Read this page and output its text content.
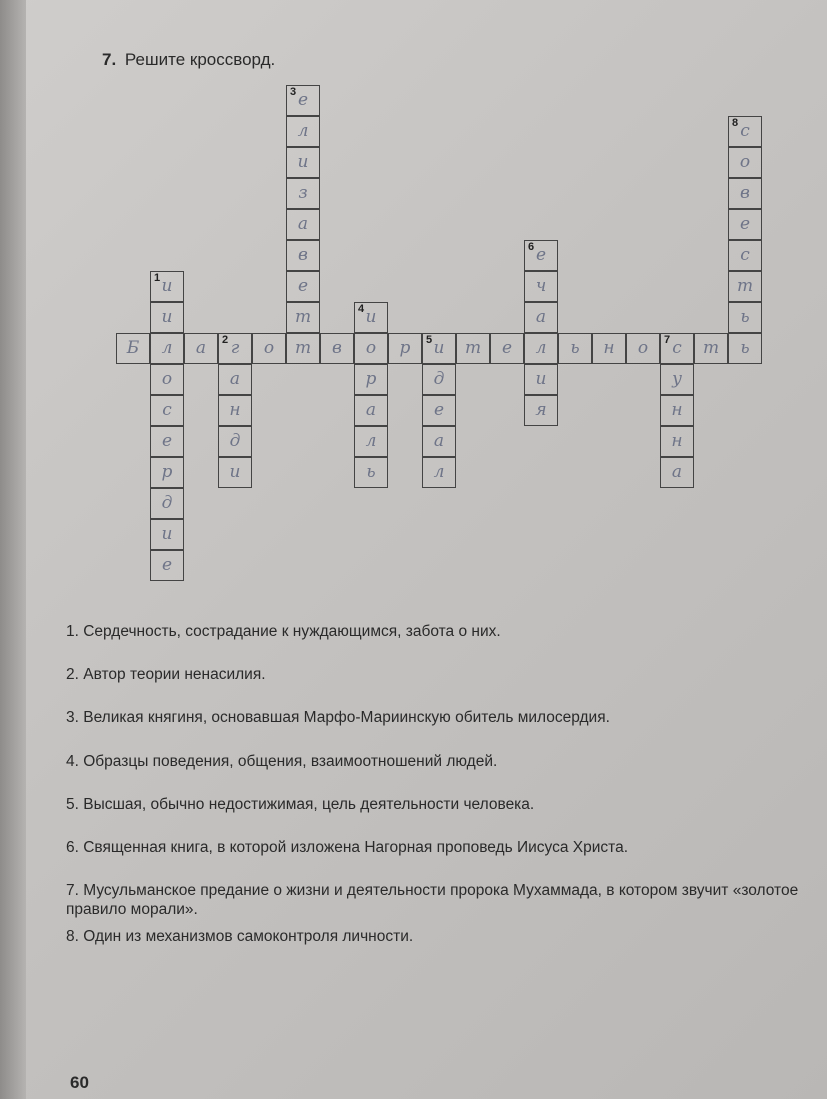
7. Решите кроссворд.
Б	л	а	г
2	о	т	в	о	р	и
5	т	е	л	ь	н	о	с
7	т	ь
1 и
и
о
с
е
р
д
и
е
а
н
д
и
3 е
л
и
з
а
в
е
т	4 и
р
а
л
ь
д
е
а
л
6 е
ч
а
и
я
у
н
н
а
8 с
о
в
е
с
т
ь
1. Сердечность, сострадание к нуждающимся, забота о них.
2. Автор теории ненасилия.
3. Великая княгиня, основавшая Марфо-Мариинскую обитель милосердия.
4. Образцы поведения, общения, взаимоотношений людей.
5. Высшая, обычно недостижимая, цель деятельности человека.
6. Священная книга, в которой изложена Нагорная проповедь Иисуса Христа.
7. Мусульманское предание о жизни и деятельности пророка Мухаммада, в котором звучит «золотое правило морали».
8. Один из механизмов самоконтроля личности.
60
